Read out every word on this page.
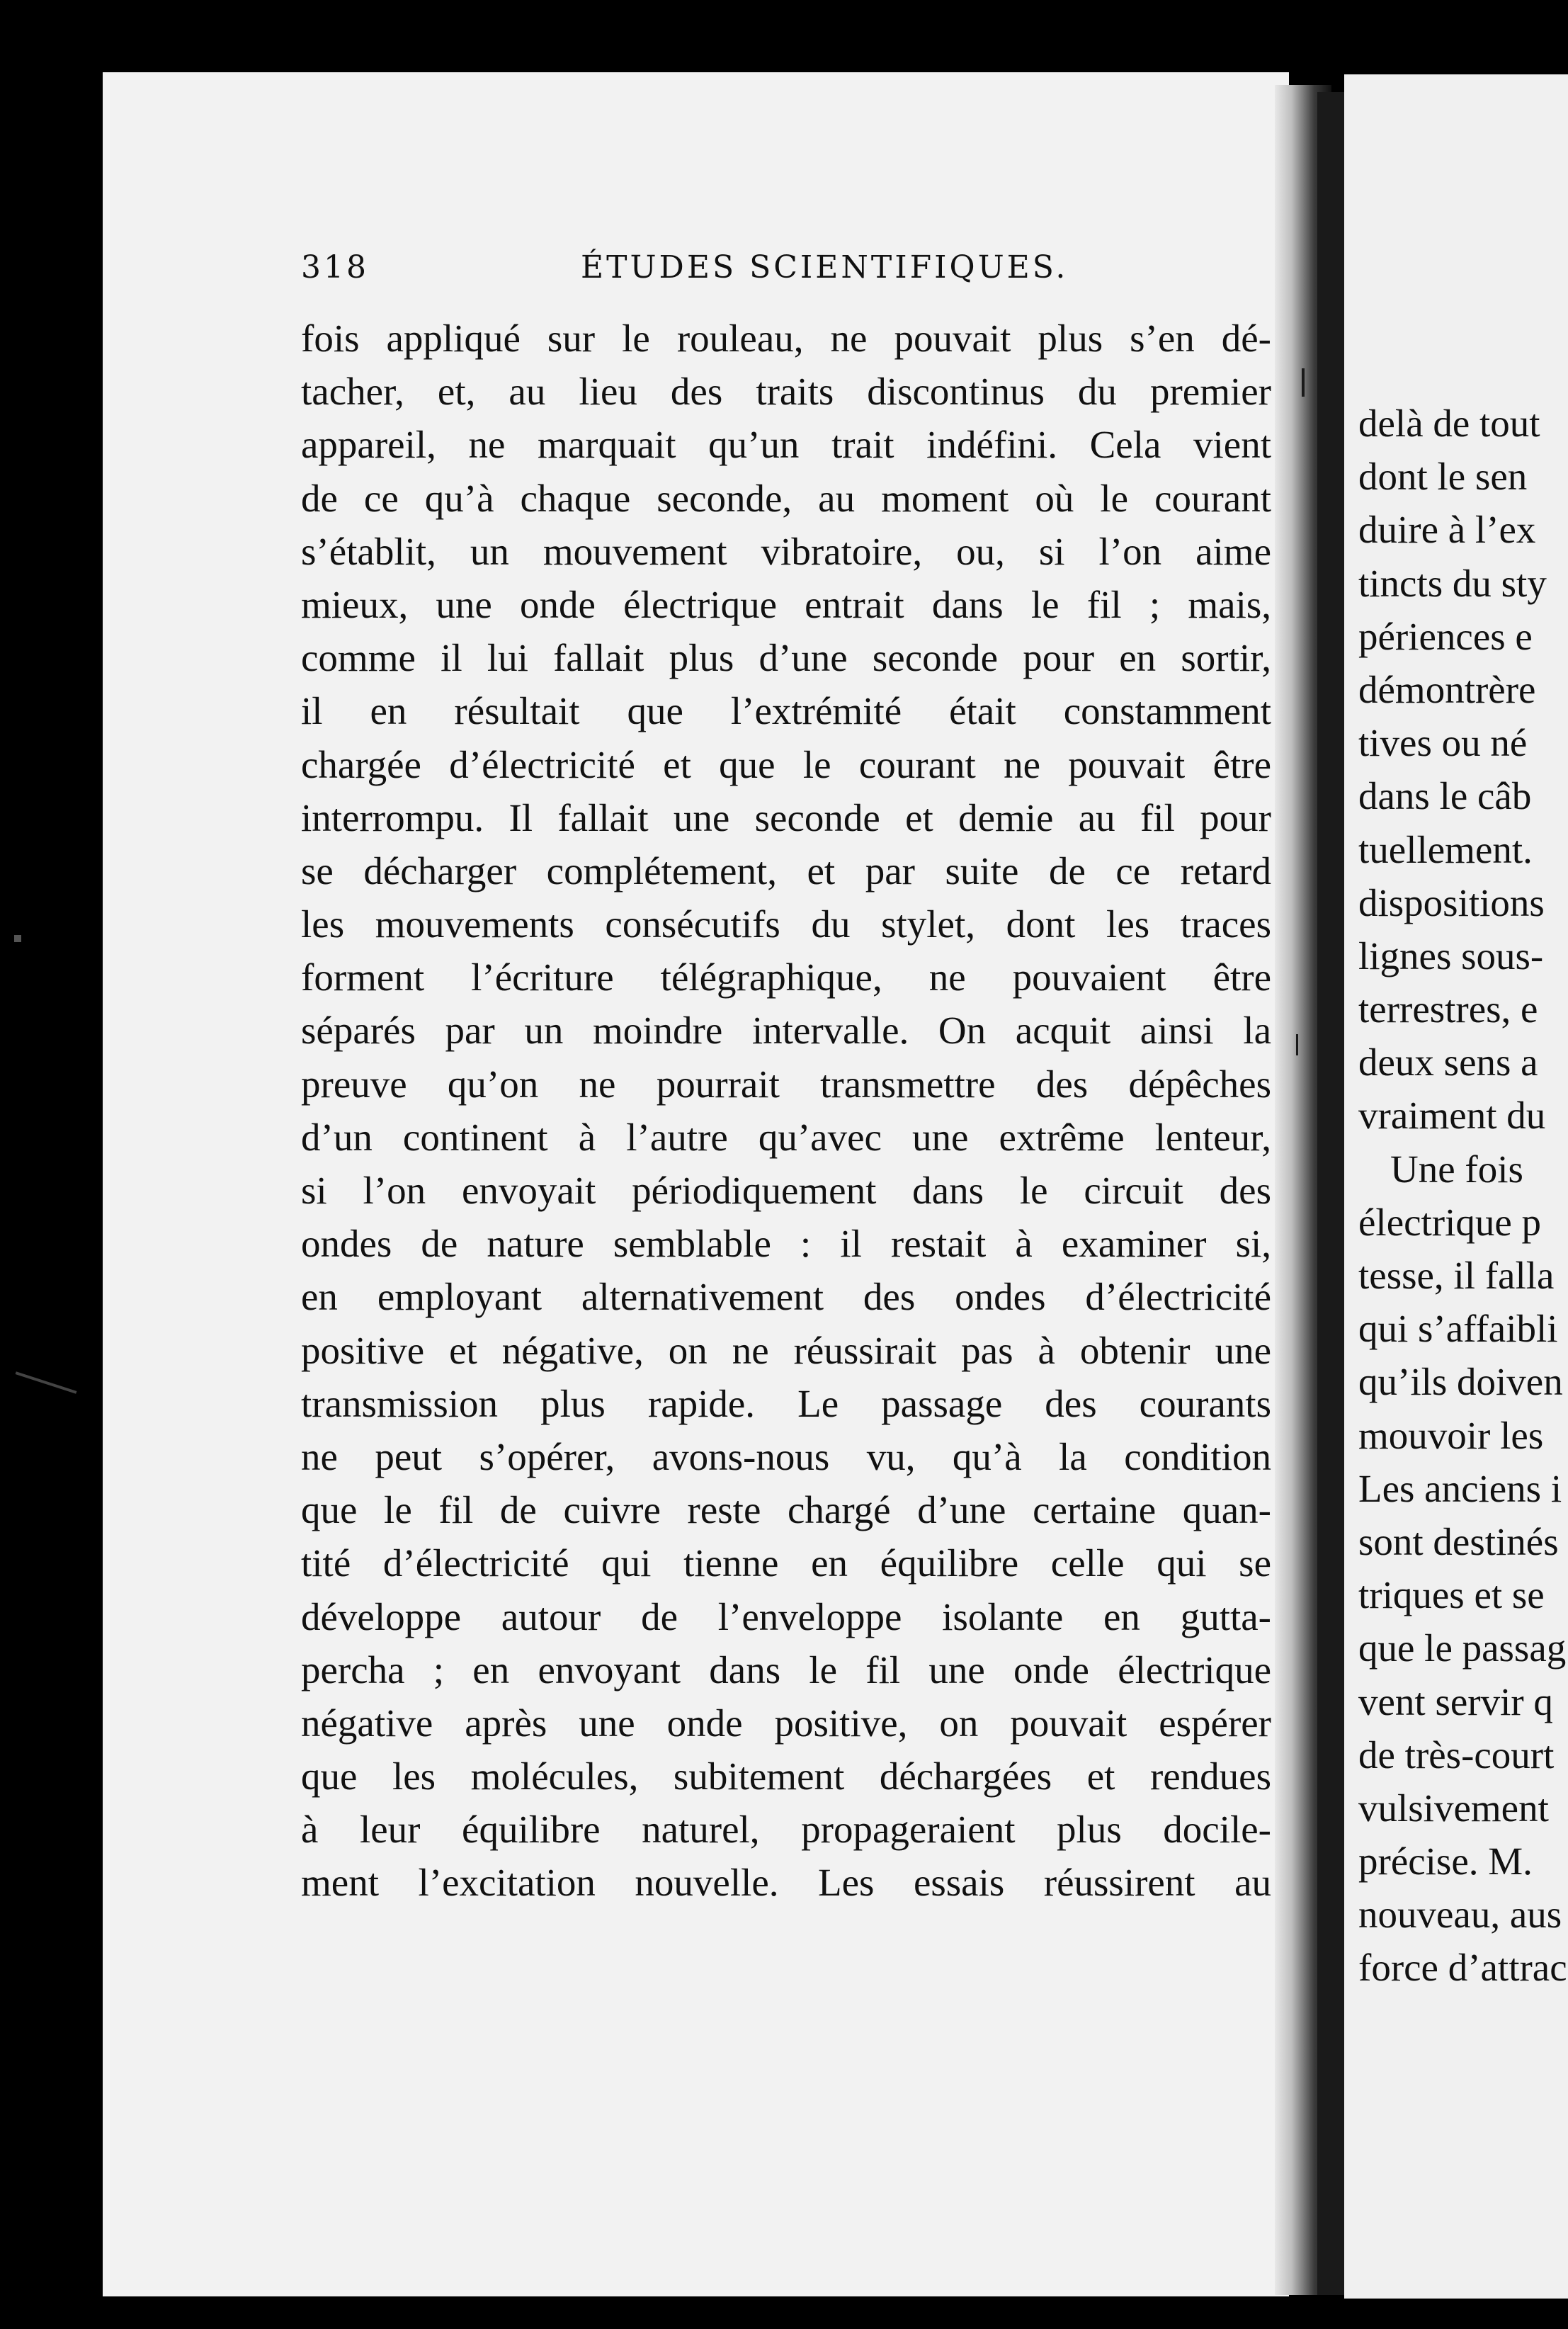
318	ÉTUDES SCIENTIFIQUES.
fois appliqué sur le rouleau, ne pouvait plus s’en dé-
tacher, et, au lieu des traits discontinus du premier
appareil, ne marquait qu’un trait indéfini. Cela vient
de ce qu’à chaque seconde, au moment où le courant
s’établit, un mouvement vibratoire, ou, si l’on aime
mieux, une onde électrique entrait dans le fil ; mais,
comme il lui fallait plus d’une seconde pour en sortir,
il en résultait que l’extrémité était constamment
chargée d’électricité et que le courant ne pouvait être
interrompu. Il fallait une seconde et demie au fil pour
se décharger complétement, et par suite de ce retard
les mouvements consécutifs du stylet, dont les traces
forment l’écriture télégraphique, ne pouvaient être
séparés par un moindre intervalle. On acquit ainsi la
preuve qu’on ne pourrait transmettre des dépêches
d’un continent à l’autre qu’avec une extrême lenteur,
si l’on envoyait périodiquement dans le circuit des
ondes de nature semblable : il restait à examiner si,
en employant alternativement des ondes d’électricité
positive et négative, on ne réussirait pas à obtenir une
transmission plus rapide. Le passage des courants
ne peut s’opérer, avons-nous vu, qu’à la condition
que le fil de cuivre reste chargé d’une certaine quan-
tité d’électricité qui tienne en équilibre celle qui se
développe autour de l’enveloppe isolante en gutta-
percha ; en envoyant dans le fil une onde électrique
négative après une onde positive, on pouvait espérer
que les molécules, subitement déchargées et rendues
à leur équilibre naturel, propageraient plus docile-
ment l’excitation nouvelle. Les essais réussirent au
delà de tout
dont le sen
duire à l’ex
tincts du sty
périences e
démontrère
tives ou né
dans le câb
tuellement.
dispositions
lignes sous-
terrestres, e
deux sens a
vraiment du
Une fois
électrique p
tesse, il falla
qui s’affaibli
qu’ils doiven
mouvoir les
Les anciens i
sont destinés
triques et se
que le passag
vent servir q
de très-court
vulsivement
précise. M.
nouveau, aus
force d’attrac
